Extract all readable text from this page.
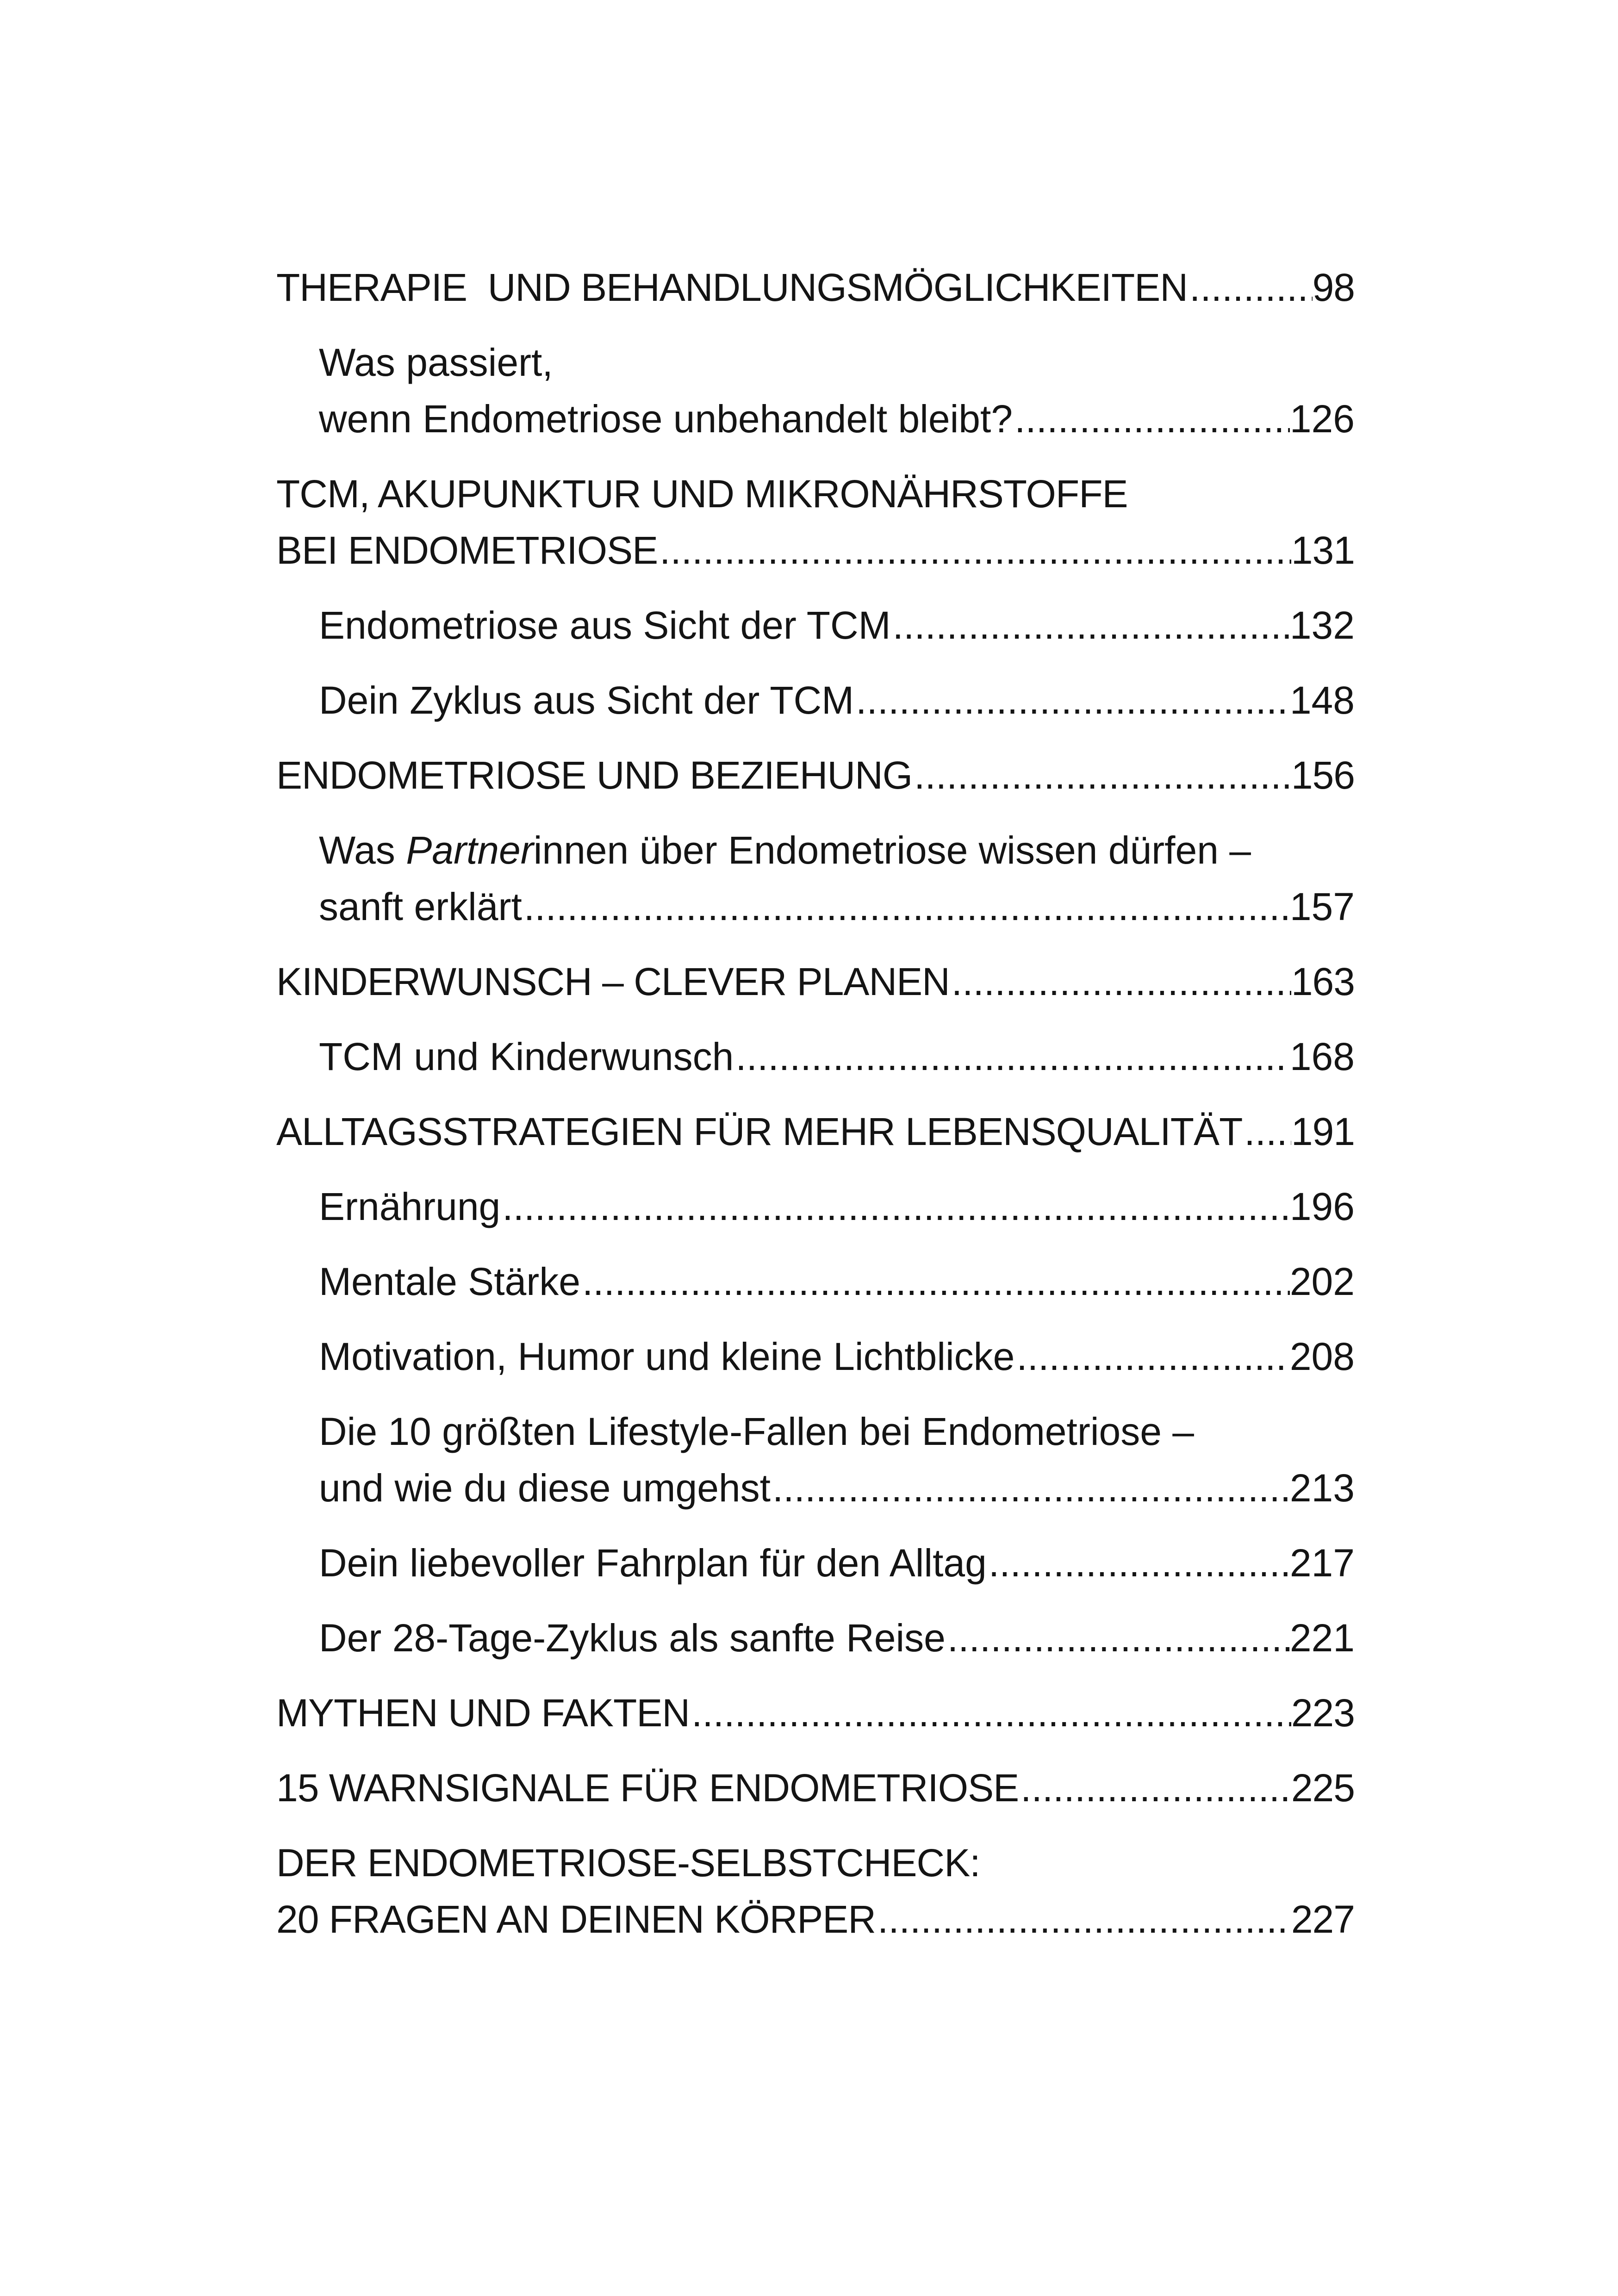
THERAPIE  UND BEHANDLUNGSMÖGLICHKEITEN .....	98
Was passiert,
wenn Endometriose unbehandelt bleibt? .....	126
TCM, AKUPUNKTUR UND MIKRONÄHRSTOFFE
BEI ENDOMETRIOSE .....	131
Endometriose aus Sicht der TCM .....	132
Dein Zyklus aus Sicht der TCM .....	148
ENDOMETRIOSE UND BEZIEHUNG .....	156
Was Partnerinnen über Endometriose wissen dürfen –
sanft erklärt .....	157
KINDERWUNSCH – CLEVER PLANEN .....	163
TCM und Kinderwunsch .....	168
ALLTAGSSTRATEGIEN FÜR MEHR LEBENSQUALITÄT ..... 191
Ernährung .....	196
Mentale Stärke .....	202
Motivation, Humor und kleine Lichtblicke .....	208
Die 10 größten Lifestyle-Fallen bei Endometriose –
und wie du diese umgehst .....	213
Dein liebevoller Fahrplan für den Alltag .....	217
Der 28-Tage-Zyklus als sanfte Reise .....	221
MYTHEN UND FAKTEN .....	223
15 WARNSIGNALE FÜR ENDOMETRIOSE .....	225
DER ENDOMETRIOSE-SELBSTCHECK:
20 FRAGEN AN DEINEN KÖRPER .....	227
